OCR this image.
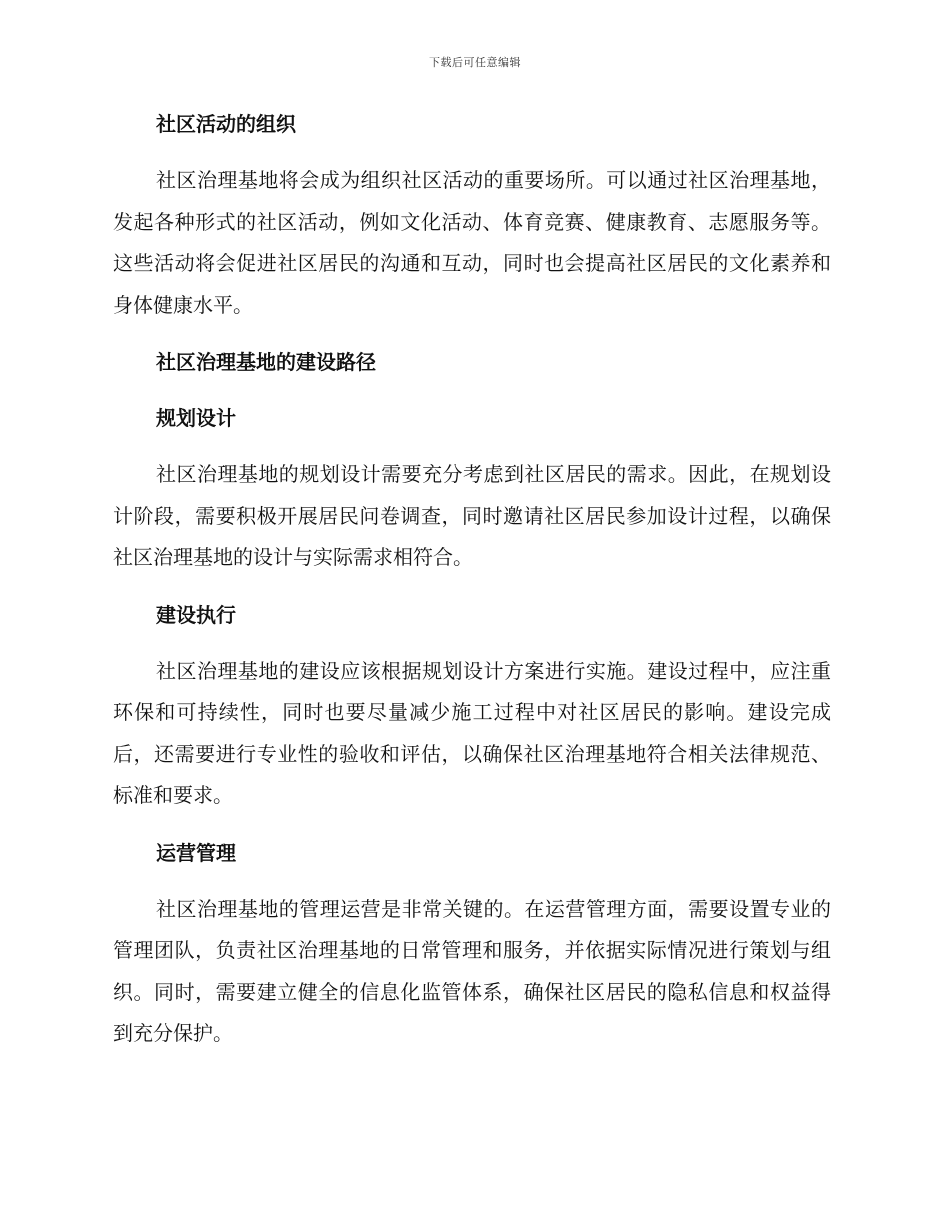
下载后可任意编辑
社区活动的组织

社区治理基地将会成为组织社区活动的重要场所。可以通过社区治理基地，发起各种形式的社区活动，例如文化活动、体育竞赛、健康教育、志愿服务等。这些活动将会促进社区居民的沟通和互动，同时也会提高社区居民的文化素养和身体健康水平。

社区治理基地的建设路径
规划设计

社区治理基地的规划设计需要充分考虑到社区居民的需求。因此，在规划设计阶段，需要积极开展居民问卷调查，同时邀请社区居民参加设计过程，以确保社区治理基地的设计与实际需求相符合。

建设执行

社区治理基地的建设应该根据规划设计方案进行实施。建设过程中，应注重环保和可持续性，同时也要尽量减少施工过程中对社区居民的影响。建设完成后，还需要进行专业性的验收和评估，以确保社区治理基地符合相关法律规范、标准和要求。

运营管理

社区治理基地的管理运营是非常关键的。在运营管理方面，需要设置专业的管理团队，负责社区治理基地的日常管理和服务，并依据实际情况进行策划与组织。同时，需要建立健全的信息化监管体系，确保社区居民的隐私信息和权益得到充分保护。
